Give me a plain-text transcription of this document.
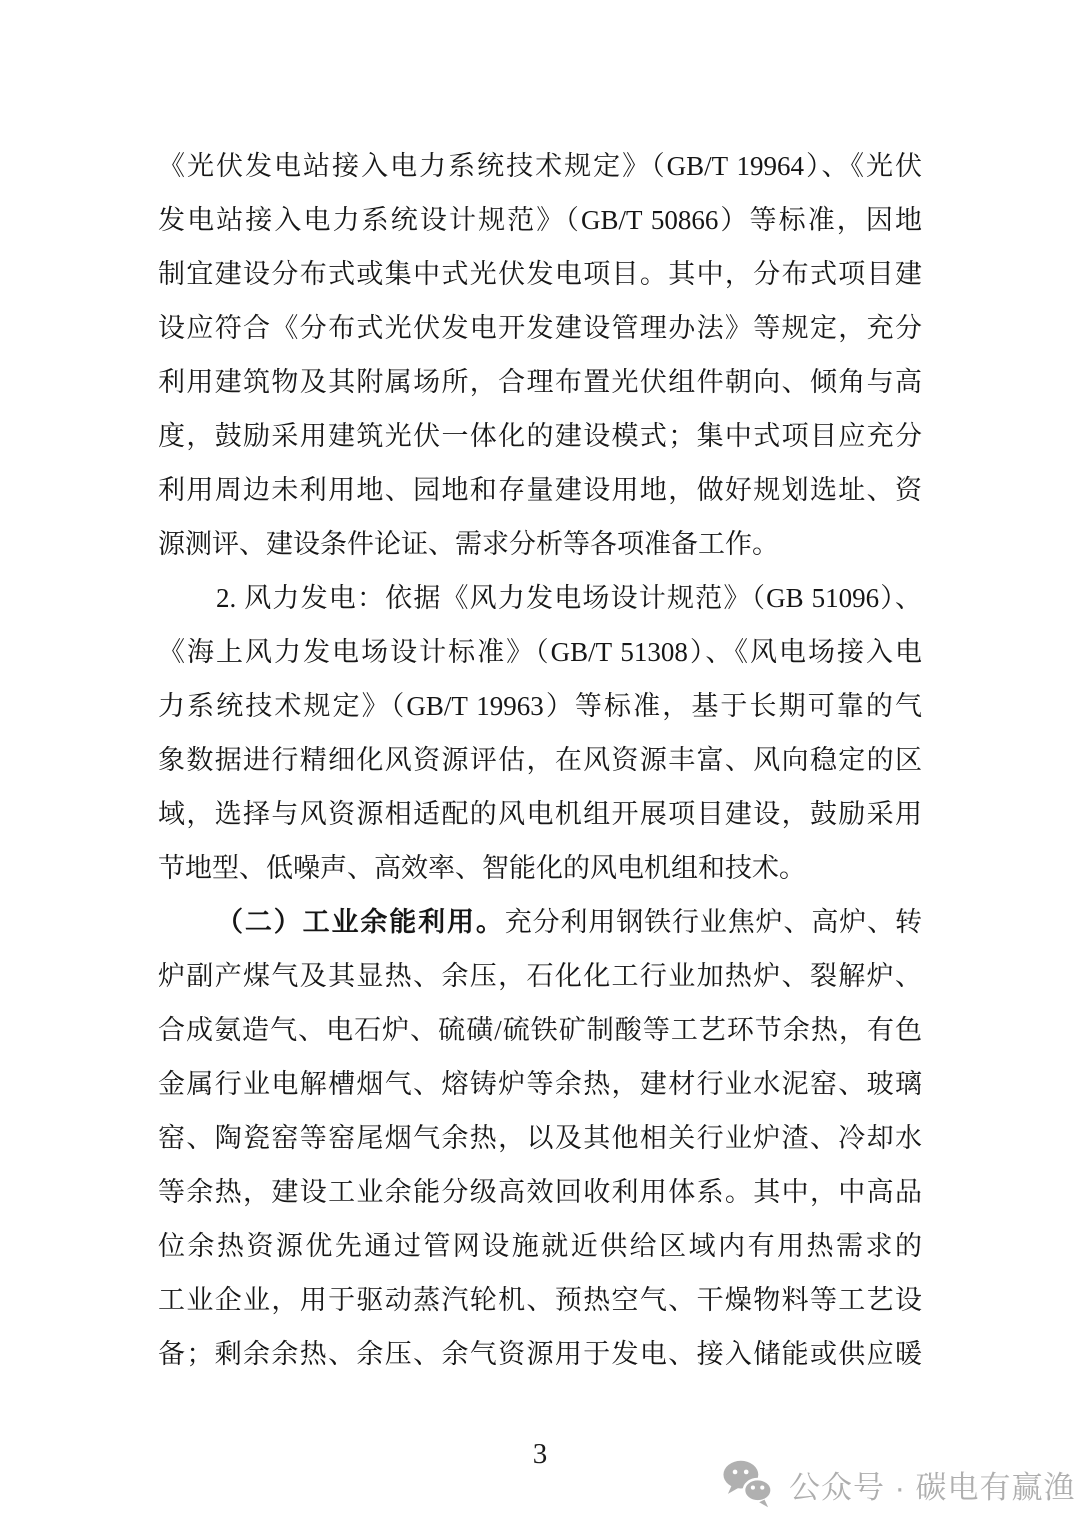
《光伏发电站接入电力系统技术规定》（GB/T 19964）、《光伏
发电站接入电力系统设计规范》（GB/T 50866）等标准，因地
制宜建设分布式或集中式光伏发电项目。其中，分布式项目建
设应符合《分布式光伏发电开发建设管理办法》等规定，充分
利用建筑物及其附属场所，合理布置光伏组件朝向、倾角与高
度，鼓励采用建筑光伏一体化的建设模式；集中式项目应充分
利用周边未利用地、园地和存量建设用地，做好规划选址、资
源测评、建设条件论证、需求分析等各项准备工作。
2. 风力发电：依据《风力发电场设计规范》（GB 51096）、
《海上风力发电场设计标准》（GB/T 51308）、《风电场接入电
力系统技术规定》（GB/T 19963）等标准，基于长期可靠的气
象数据进行精细化风资源评估，在风资源丰富、风向稳定的区
域，选择与风资源相适配的风电机组开展项目建设，鼓励采用
节地型、低噪声、高效率、智能化的风电机组和技术。
（二）工业余能利用。充分利用钢铁行业焦炉、高炉、转
炉副产煤气及其显热、余压，石化化工行业加热炉、裂解炉、
合成氨造气、电石炉、硫磺/硫铁矿制酸等工艺环节余热，有色
金属行业电解槽烟气、熔铸炉等余热，建材行业水泥窑、玻璃
窑、陶瓷窑等窑尾烟气余热，以及其他相关行业炉渣、冷却水
等余热，建设工业余能分级高效回收利用体系。其中，中高品
位余热资源优先通过管网设施就近供给区域内有用热需求的
工业企业，用于驱动蒸汽轮机、预热空气、干燥物料等工艺设
备；剩余余热、余压、余气资源用于发电、接入储能或供应暖
3
公众号 · 碳电有赢渔
